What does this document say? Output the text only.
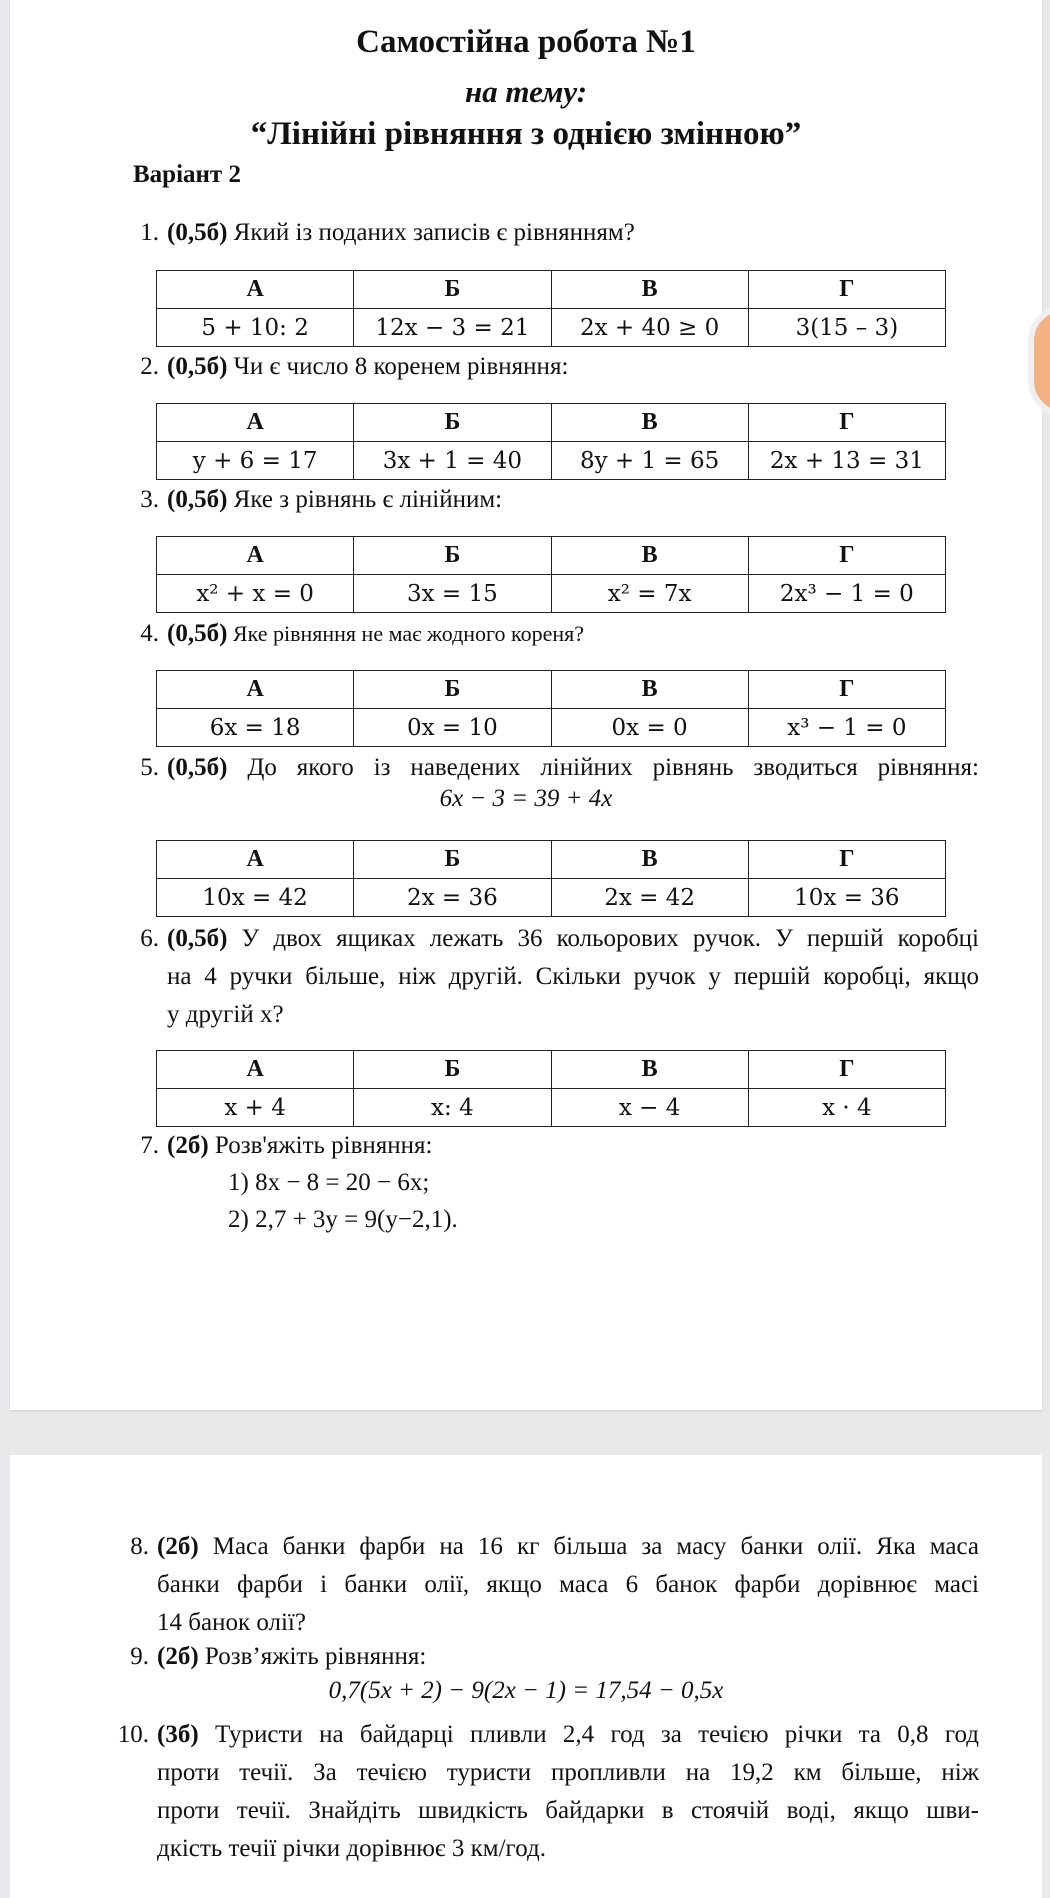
Самостійна робота №1
на тему:
“Лінійні рівняння з однією змінною”
Варіант 2
1. (0,5б) Який із поданих записів є рівнянням?
А	Б	В	Г
5 + 10: 2	12x − 3 = 21	2x + 40 ≥ 0	3(15 – 3)
2. (0,5б) Чи є число 8 коренем рівняння:
А	Б	В	Г
y + 6 = 17	3x + 1 = 40	8y + 1 = 65	2x + 13 = 31
3. (0,5б) Яке з рівнянь є лінійним:
А	Б	В	Г
x² + x = 0	3x = 15	x² = 7x	2x³ − 1 = 0
4. (0,5б) Яке рівняння не має жодного кореня?
А	Б	В	Г
6x = 18	0x = 10	0x = 0	x³ − 1 = 0
5. (0,5б) До якого із наведених лінійних рівнянь зводиться рівняння:
6x − 3 = 39 + 4x
А	Б	В	Г
10x = 42	2x = 36	2x = 42	10x = 36
6. (0,5б) У двох ящиках лежать 36 кольорових ручок. У першій коробці
на 4 ручки більше, ніж другій. Скільки ручок у першій коробці, якщо
у другій x?
А	Б	В	Г
x + 4	x: 4	x − 4	x · 4
7. (2б) Розв'яжіть рівняння:
1) 8x − 8 = 20 − 6x;
2) 2,7 + 3y = 9(y−2,1).
8. (2б) Маса банки фарби на 16 кг більша за масу банки олії. Яка маса
банки фарби і банки олії, якщо маса 6 банок фарби дорівнює масі
14 банок олії?
9. (2б) Розв’яжіть рівняння:
0,7(5x + 2) − 9(2x − 1) = 17,54 − 0,5x
10. (3б) Туристи на байдарці пливли 2,4 год за течією річки та 0,8 год
проти течії. За течією туристи пропливли на 19,2 км більше, ніж
проти течії. Знайдіть швидкість байдарки в стоячій воді, якщо шви-
дкість течії річки дорівнює 3 км/год.
